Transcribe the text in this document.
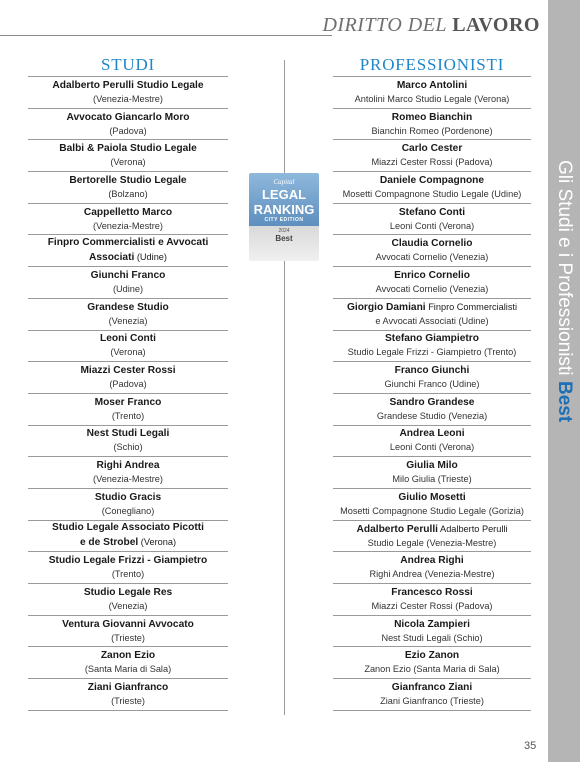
DIRITTO DEL LAVORO
Gli Studi e i Professionisti
Best
STUDI
Adalberto Perulli Studio Legale
(Venezia-Mestre)
Avvocato Giancarlo Moro
(Padova)
Balbi & Paiola Studio Legale
(Verona)
Bertorelle Studio Legale
(Bolzano)
Cappelletto Marco
(Venezia-Mestre)
Finpro Commercialisti e Avvocati
Associati (Udine)
Giunchi Franco
(Udine)
Grandese Studio
(Venezia)
Leoni Conti
(Verona)
Miazzi Cester Rossi
(Padova)
Moser Franco
(Trento)
Nest Studi Legali
(Schio)
Righi Andrea
(Venezia-Mestre)
Studio Gracis
(Conegliano)
Studio Legale Associato Picotti
e de Strobel (Verona)
Studio Legale Frizzi - Giampietro
(Trento)
Studio Legale Res
(Venezia)
Ventura Giovanni Avvocato
(Trieste)
Zanon Ezio
(Santa Maria di Sala)
Ziani Gianfranco
(Trieste)
Capital
LEGAL
RANKING
CITY EDITION
2024
Best
PROFESSIONISTI
Marco Antolini
Antolini Marco Studio Legale (Verona)
Romeo Bianchin
Bianchin Romeo (Pordenone)
Carlo Cester
Miazzi Cester Rossi (Padova)
Daniele Compagnone
Mosetti Compagnone Studio Legale (Udine)
Stefano Conti
Leoni Conti (Verona)
Claudia Cornelio
Avvocati Cornelio (Venezia)
Enrico Cornelio
Avvocati Cornelio (Venezia)
Giorgio Damiani Finpro Commercialisti
e Avvocati Associati (Udine)
Stefano Giampietro
Studio Legale Frizzi - Giampietro (Trento)
Franco Giunchi
Giunchi Franco (Udine)
Sandro Grandese
Grandese Studio (Venezia)
Andrea Leoni
Leoni Conti (Verona)
Giulia Milo
Milo Giulia (Trieste)
Giulio Mosetti
Mosetti Compagnone Studio Legale (Gorizia)
Adalberto Perulli Adalberto Perulli
Studio Legale (Venezia-Mestre)
Andrea Righi
Righi Andrea (Venezia-Mestre)
Francesco Rossi
Miazzi Cester Rossi (Padova)
Nicola Zampieri
Nest Studi Legali (Schio)
Ezio Zanon
Zanon Ezio (Santa Maria di Sala)
Gianfranco Ziani
Ziani Gianfranco (Trieste)
35
